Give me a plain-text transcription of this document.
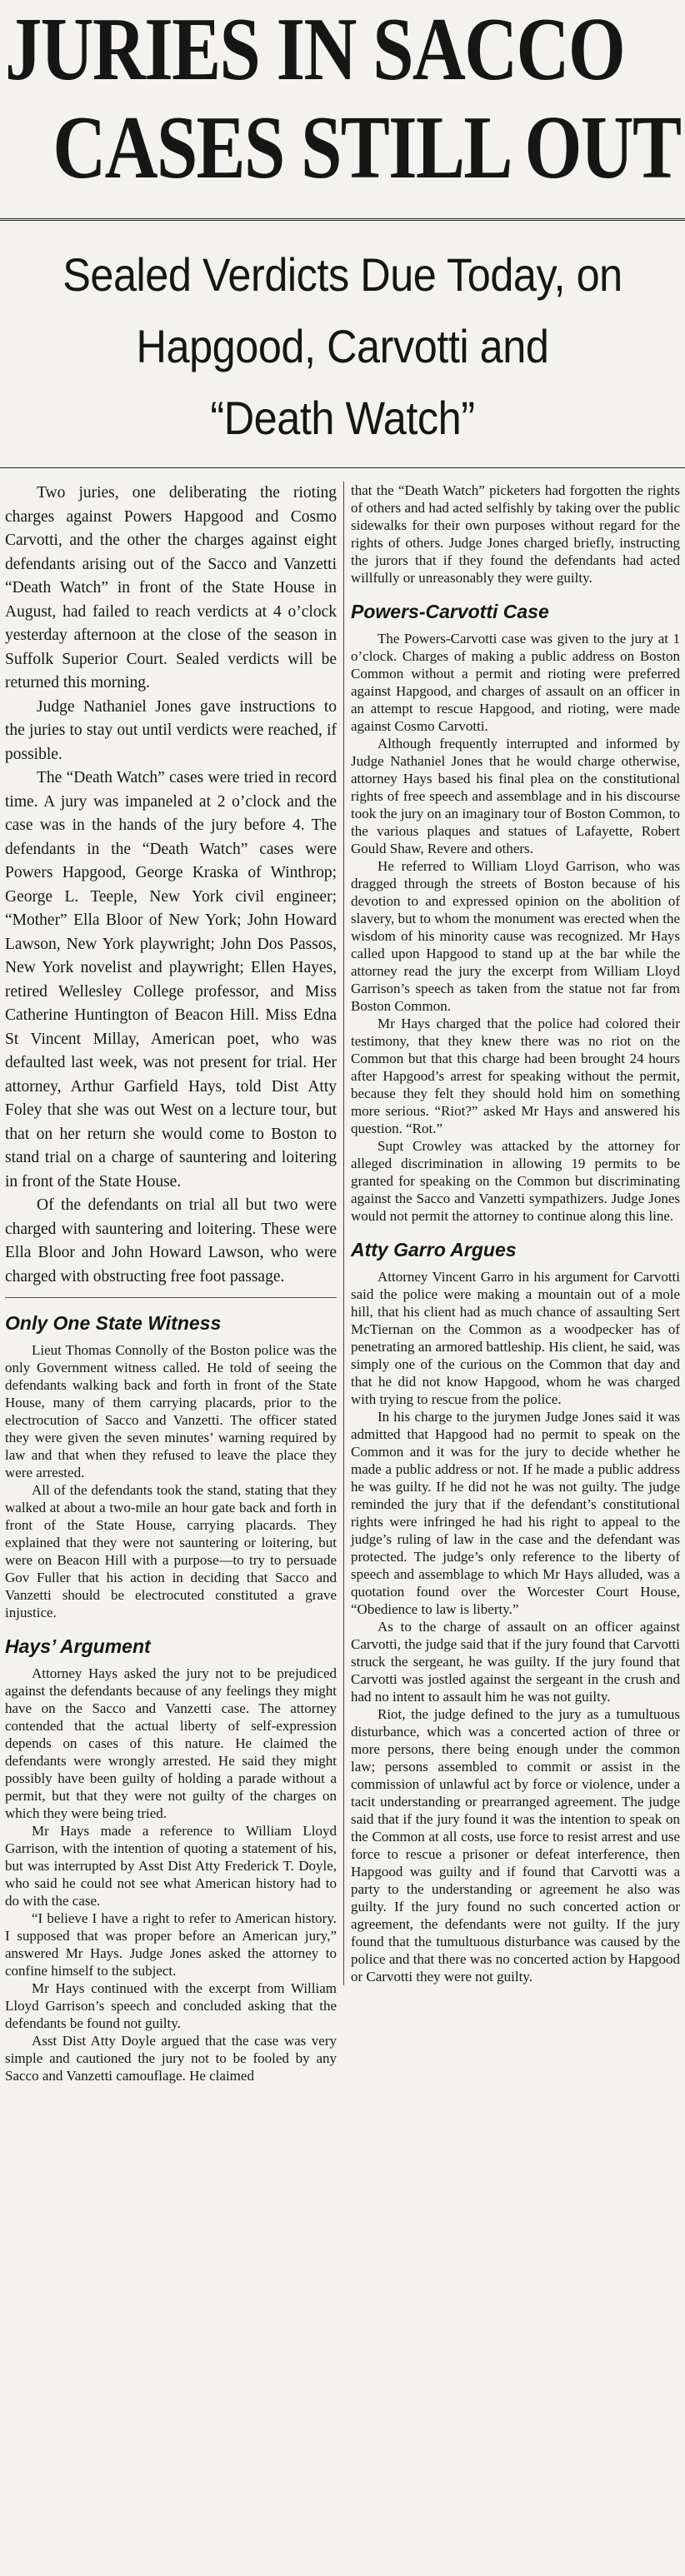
JURIES IN SACCO
CASES STILL OUT
Sealed Verdicts Due Today, on
Hapgood, Carvotti and
“Death Watch”

Two juries, one deliberating the rioting charges against Powers Hapgood and Cosmo Carvotti, and the other the charges against eight defendants arising out of the Sacco and Vanzetti “Death Watch” in front of the State House in August, had failed to reach verdicts at 4 o’clock yesterday afternoon at the close of the season in Suffolk Superior Court. Sealed verdicts will be returned this morning.

Judge Nathaniel Jones gave instructions to the juries to stay out until verdicts were reached, if possible.

The “Death Watch” cases were tried in record time. A jury was impaneled at 2 o’clock and the case was in the hands of the jury before 4. The defendants in the “Death Watch” cases were Powers Hapgood, George Kraska of Winthrop; George L. Teeple, New York civil engineer; “Mother” Ella Bloor of New York; John Howard Lawson, New York playwright; John Dos Passos, New York novelist and playwright; Ellen Hayes, retired Wellesley College professor, and Miss Catherine Huntington of Beacon Hill. Miss Edna St Vincent Millay, American poet, who was defaulted last week, was not present for trial. Her attorney, Arthur Garfield Hays, told Dist Atty Foley that she was out West on a lecture tour, but that on her return she would come to Boston to stand trial on a charge of sauntering and loitering in front of the State House.

Of the defendants on trial all but two were charged with sauntering and loitering. These were Ella Bloor and John Howard Lawson, who were charged with obstructing free foot passage.

Only One State Witness

Lieut Thomas Connolly of the Boston police was the only Government witness called. He told of seeing the defendants walking back and forth in front of the State House, many of them carrying placards, prior to the electrocution of Sacco and Vanzetti. The officer stated they were given the seven minutes’ warning required by law and that when they refused to leave the place they were arrested.

All of the defendants took the stand, stating that they walked at about a two-mile an hour gate back and forth in front of the State House, carrying placards. They explained that they were not sauntering or loitering, but were on Beacon Hill with a purpose—to try to persuade Gov Fuller that his action in deciding that Sacco and Vanzetti should be electrocuted constituted a grave injustice.

Hays’ Argument

Attorney Hays asked the jury not to be prejudiced against the defendants because of any feelings they might have on the Sacco and Vanzetti case. The attorney contended that the actual liberty of self-expression depends on cases of this nature. He claimed the defendants were wrongly arrested. He said they might possibly have been guilty of holding a parade without a permit, but that they were not guilty of the charges on which they were being tried.

Mr Hays made a reference to William Lloyd Garrison, with the intention of quoting a statement of his, but was interrupted by Asst Dist Atty Frederick T. Doyle, who said he could not see what American history had to do with the case.

“I believe I have a right to refer to American history. I supposed that was proper before an American jury,” answered Mr Hays. Judge Jones asked the attorney to confine himself to the subject.

Mr Hays continued with the excerpt from William Lloyd Garrison’s speech and concluded asking that the defendants be found not guilty.

Asst Dist Atty Doyle argued that the case was very simple and cautioned the jury not to be fooled by any Sacco and Vanzetti camouflage. He claimed

that the “Death Watch” picketers had forgotten the rights of others and had acted selfishly by taking over the public sidewalks for their own purposes without regard for the rights of others. Judge Jones charged briefly, instructing the jurors that if they found the defendants had acted willfully or unreasonably they were guilty.

Powers-Carvotti Case

The Powers-Carvotti case was given to the jury at 1 o’clock. Charges of making a public address on Boston Common without a permit and rioting were preferred against Hapgood, and charges of assault on an officer in an attempt to rescue Hapgood, and rioting, were made against Cosmo Carvotti.

Although frequently interrupted and informed by Judge Nathaniel Jones that he would charge otherwise, attorney Hays based his final plea on the constitutional rights of free speech and assemblage and in his discourse took the jury on an imaginary tour of Boston Common, to the various plaques and statues of Lafayette, Robert Gould Shaw, Revere and others.

He referred to William Lloyd Garrison, who was dragged through the streets of Boston because of his devotion to and expressed opinion on the abolition of slavery, but to whom the monument was erected when the wisdom of his minority cause was recognized. Mr Hays called upon Hapgood to stand up at the bar while the attorney read the jury the excerpt from William Lloyd Garrison’s speech as taken from the statue not far from Boston Common.

Mr Hays charged that the police had colored their testimony, that they knew there was no riot on the Common but that this charge had been brought 24 hours after Hapgood’s arrest for speaking without the permit, because they felt they should hold him on something more serious. “Riot?” asked Mr Hays and answered his question. “Rot.”

Supt Crowley was attacked by the attorney for alleged discrimination in allowing 19 permits to be granted for speaking on the Common but discriminating against the Sacco and Vanzetti sympathizers. Judge Jones would not permit the attorney to continue along this line.

Atty Garro Argues

Attorney Vincent Garro in his argument for Carvotti said the police were making a mountain out of a mole hill, that his client had as much chance of assaulting Sert McTiernan on the Common as a woodpecker has of penetrating an armored battleship. His client, he said, was simply one of the curious on the Common that day and that he did not know Hapgood, whom he was charged with trying to rescue from the police.

In his charge to the jurymen Judge Jones said it was admitted that Hapgood had no permit to speak on the Common and it was for the jury to decide whether he made a public address or not. If he made a public address he was guilty. If he did not he was not guilty. The judge reminded the jury that if the defendant’s constitutional rights were infringed he had his right to appeal to the judge’s ruling of law in the case and the defendant was protected. The judge’s only reference to the liberty of speech and assemblage to which Mr Hays alluded, was a quotation found over the Worcester Court House, “Obedience to law is liberty.”

As to the charge of assault on an officer against Carvotti, the judge said that if the jury found that Carvotti struck the sergeant, he was guilty. If the jury found that Carvotti was jostled against the sergeant in the crush and had no intent to assault him he was not guilty.

Riot, the judge defined to the jury as a tumultuous disturbance, which was a concerted action of three or more persons, there being enough under the common law; persons assembled to commit or assist in the commission of unlawful act by force or violence, under a tacit understanding or prearranged agreement. The judge said that if the jury found it was the intention to speak on the Common at all costs, use force to resist arrest and use force to rescue a prisoner or defeat interference, then Hapgood was guilty and if found that Carvotti was a party to the understanding or agreement he also was guilty. If the jury found no such concerted action or agreement, the defendants were not guilty. If the jury found that the tumultuous disturbance was caused by the police and that there was no concerted action by Hapgood or Carvotti they were not guilty.
